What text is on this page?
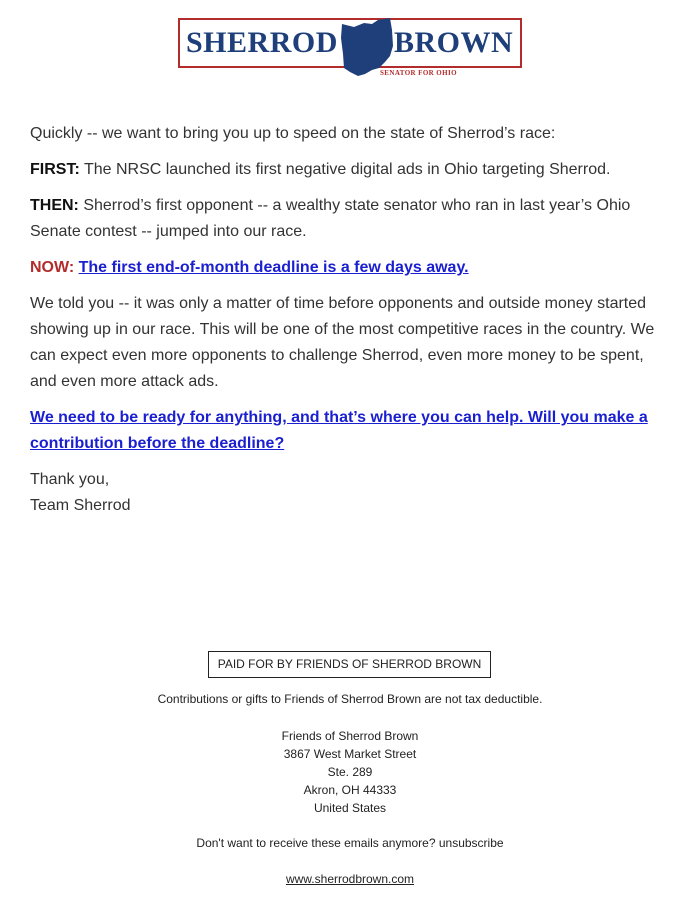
SHERROD BROWN
SENATOR FOR OHIO

Quickly -- we want to bring you up to speed on the state of Sherrod’s race:

FIRST: The NRSC launched its first negative digital ads in Ohio targeting Sherrod.

THEN: Sherrod’s first opponent -- a wealthy state senator who ran in last year’s Ohio Senate contest -- jumped into our race.

NOW: The first end-of-month deadline is a few days away.

We told you -- it was only a matter of time before opponents and outside money started showing up in our race. This will be one of the most competitive races in the country. We can expect even more opponents to challenge Sherrod, even more money to be spent, and even more attack ads.

We need to be ready for anything, and that’s where you can help. Will you make a contribution before the deadline?

Thank you,

Team Sherrod

PAID FOR BY FRIENDS OF SHERROD BROWN
Contributions or gifts to Friends of Sherrod Brown are not tax deductible.
Friends of Sherrod Brown
3867 West Market Street
Ste. 289
Akron, OH 44333
United States
Don't want to receive these emails anymore? unsubscribe
www.sherrodbrown.com
